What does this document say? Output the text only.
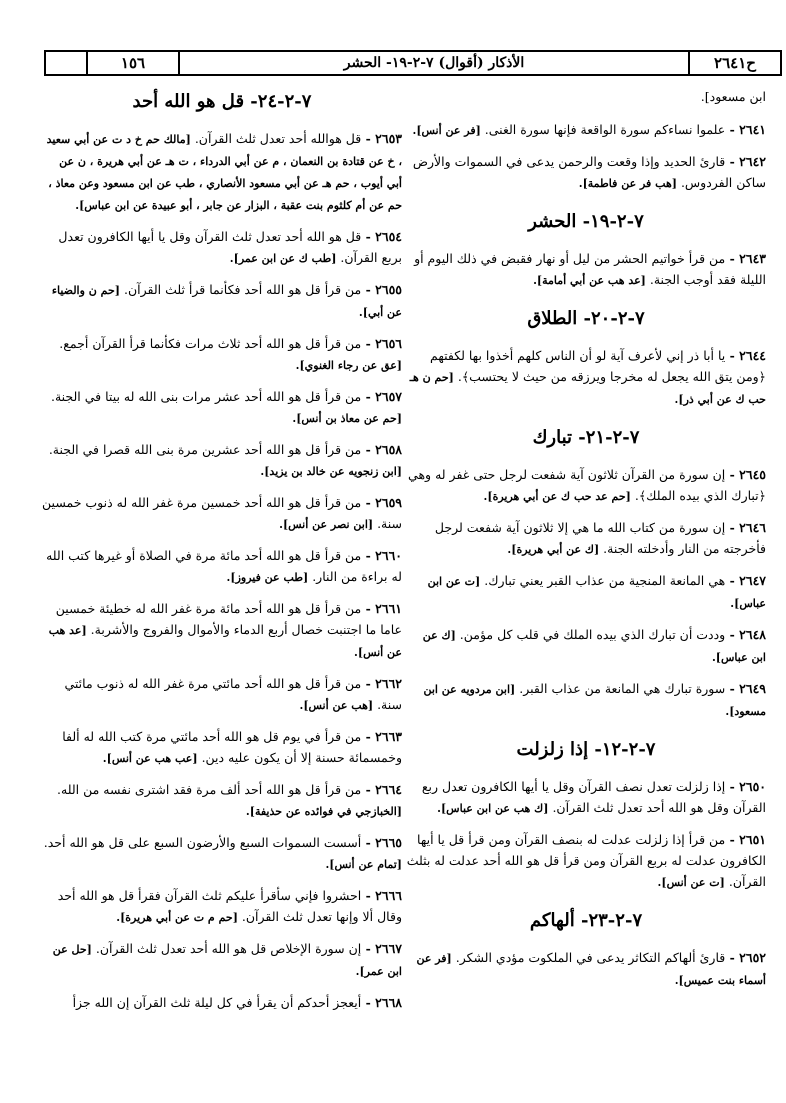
ح٢٦٤١
الأذكار (أقوال) ٧-٢-١٩- الحشر
١٥٦
ابن مسعود].
٢٦٤١ - علموا نساءكم سورة الواقعة فإنها سورة الغنى. [فر عن أنس].
٢٦٤٢ - قارئ الحديد وإذا وقعت والرحمن يدعى في السموات والأرض ساكن الفردوس. [هب فر عن فاطمة].
٧-٢-١٩- الحشر
٢٦٤٣ - من قرأ خواتيم الحشر من ليل أو نهار فقبض في ذلك اليوم أو الليلة فقد أوجب الجنة. [عد هب عن أبي أمامة].
٧-٢-٢٠- الطلاق
٢٦٤٤ - يا أبا ذر إني لأعرف آية لو أن الناس كلهم أخذوا بها لكفتهم ﴿ومن يتق الله يجعل له مخرجا ويرزقه من حيث لا يحتسب﴾. [حم ن هـ حب ك عن أبي ذر].
٧-٢-٢١- تبارك
٢٦٤٥ - إن سورة من القرآن ثلاثون آية شفعت لرجل حتى غفر له وهي ﴿تبارك الذي بيده الملك﴾. [حم عد حب ك عن أبي هريرة].
٢٦٤٦ - إن سورة من كتاب الله ما هي إلا ثلاثون آية شفعت لرجل فأخرجته من النار وأدخلته الجنة. [ك عن أبي هريرة].
٢٦٤٧ - هي المانعة المنجية من عذاب القبر يعني تبارك. [ت عن ابن عباس].
٢٦٤٨ - وددت أن تبارك الذي بيده الملك في قلب كل مؤمن. [ك عن ابن عباس].
٢٦٤٩ - سورة تبارك هي المانعة من عذاب القبر. [ابن مردويه عن ابن مسعود].
٧-٢-١٢- إذا زلزلت
٢٦٥٠ - إذا زلزلت تعدل نصف القرآن وقل يا أيها الكافرون تعدل ربع القرآن وقل هو الله أحد تعدل ثلث القرآن. [ك هب عن ابن عباس].
٢٦٥١ - من قرأ إذا زلزلت عدلت له بنصف القرآن ومن قرأ قل يا أيها الكافرون عدلت له بربع القرآن ومن قرأ قل هو الله أحد عدلت له بثلث القرآن. [ت عن أنس].
٧-٢-٢٣- ألهاكم
٢٦٥٢ - قارئ ألهاكم التكاثر يدعى في الملكوت مؤدي الشكر. [فر عن أسماء بنت عميس].
٧-٢-٢٤- قل هو الله أحد
٢٦٥٣ - قل هوالله أحد تعدل ثلث القرآن. [مالك حم خ د ت عن أبي سعيد ، خ عن قتادة بن النعمان ، م عن أبي الدرداء ، ت هـ عن أبي هريرة ، ن عن أبي أيوب ، حم هـ عن أبي مسعود الأنصاري ، طب عن ابن مسعود وعن معاذ ، حم عن أم كلثوم بنت عقبة ، البزار عن جابر ، أبو عبيدة عن ابن عباس].
٢٦٥٤ - قل هو الله أحد تعدل ثلث القرآن وقل يا أيها الكافرون تعدل بربع القرآن. [طب ك عن ابن عمر].
٢٦٥٥ - من قرأ قل هو الله أحد فكأنما قرأ ثلث القرآن. [حم ن والضياء عن أبي].
٢٦٥٦ - من قرأ قل هو الله أحد ثلاث مرات فكأنما قرأ القرآن أجمع. [عق عن رجاء الغنوي].
٢٦٥٧ - من قرأ قل هو الله أحد عشر مرات بنى الله له بيتا في الجنة. [حم عن معاذ بن أنس].
٢٦٥٨ - من قرأ قل هو الله أحد عشرين مرة بنى الله قصرا في الجنة. [ابن زنجويه عن خالد بن يزيد].
٢٦٥٩ - من قرأ قل هو الله أحد خمسين مرة غفر الله له ذنوب خمسين سنة. [ابن نصر عن أنس].
٢٦٦٠ - من قرأ قل هو الله أحد مائة مرة في الصلاة أو غيرها كتب الله له براءة من النار. [طب عن فيروز].
٢٦٦١ - من قرأ قل هو الله أحد مائة مرة غفر الله له خطيئة خمسين عاما ما اجتنبت خصال أربع الدماء والأموال والفروج والأشربة. [عد هب عن أنس].
٢٦٦٢ - من قرأ قل هو الله أحد مائتي مرة غفر الله له ذنوب مائتي سنة. [هب عن أنس].
٢٦٦٣ - من قرأ في يوم قل هو الله أحد مائتي مرة كتب الله له ألفا وخمسمائة حسنة إلا أن يكون عليه دين. [عب هب عن أنس].
٢٦٦٤ - من قرأ قل هو الله أحد ألف مرة فقد اشترى نفسه من الله. [الخبازجي في فوائده عن حذيفة].
٢٦٦٥ - أسست السموات السبع والأرضون السبع على قل هو الله أحد. [تمام عن أنس].
٢٦٦٦ - احشروا فإني سأقرأ عليكم ثلث القرآن فقرأ قل هو الله أحد وقال ألا وإنها تعدل ثلث القرآن. [حم م ت عن أبي هريرة].
٢٦٦٧ - إن سورة الإخلاص قل هو الله أحد تعدل ثلث القرآن. [حل عن ابن عمر].
٢٦٦٨ - أيعجز أحدكم أن يقرأ في كل ليلة ثلث القرآن إن الله جزأ
